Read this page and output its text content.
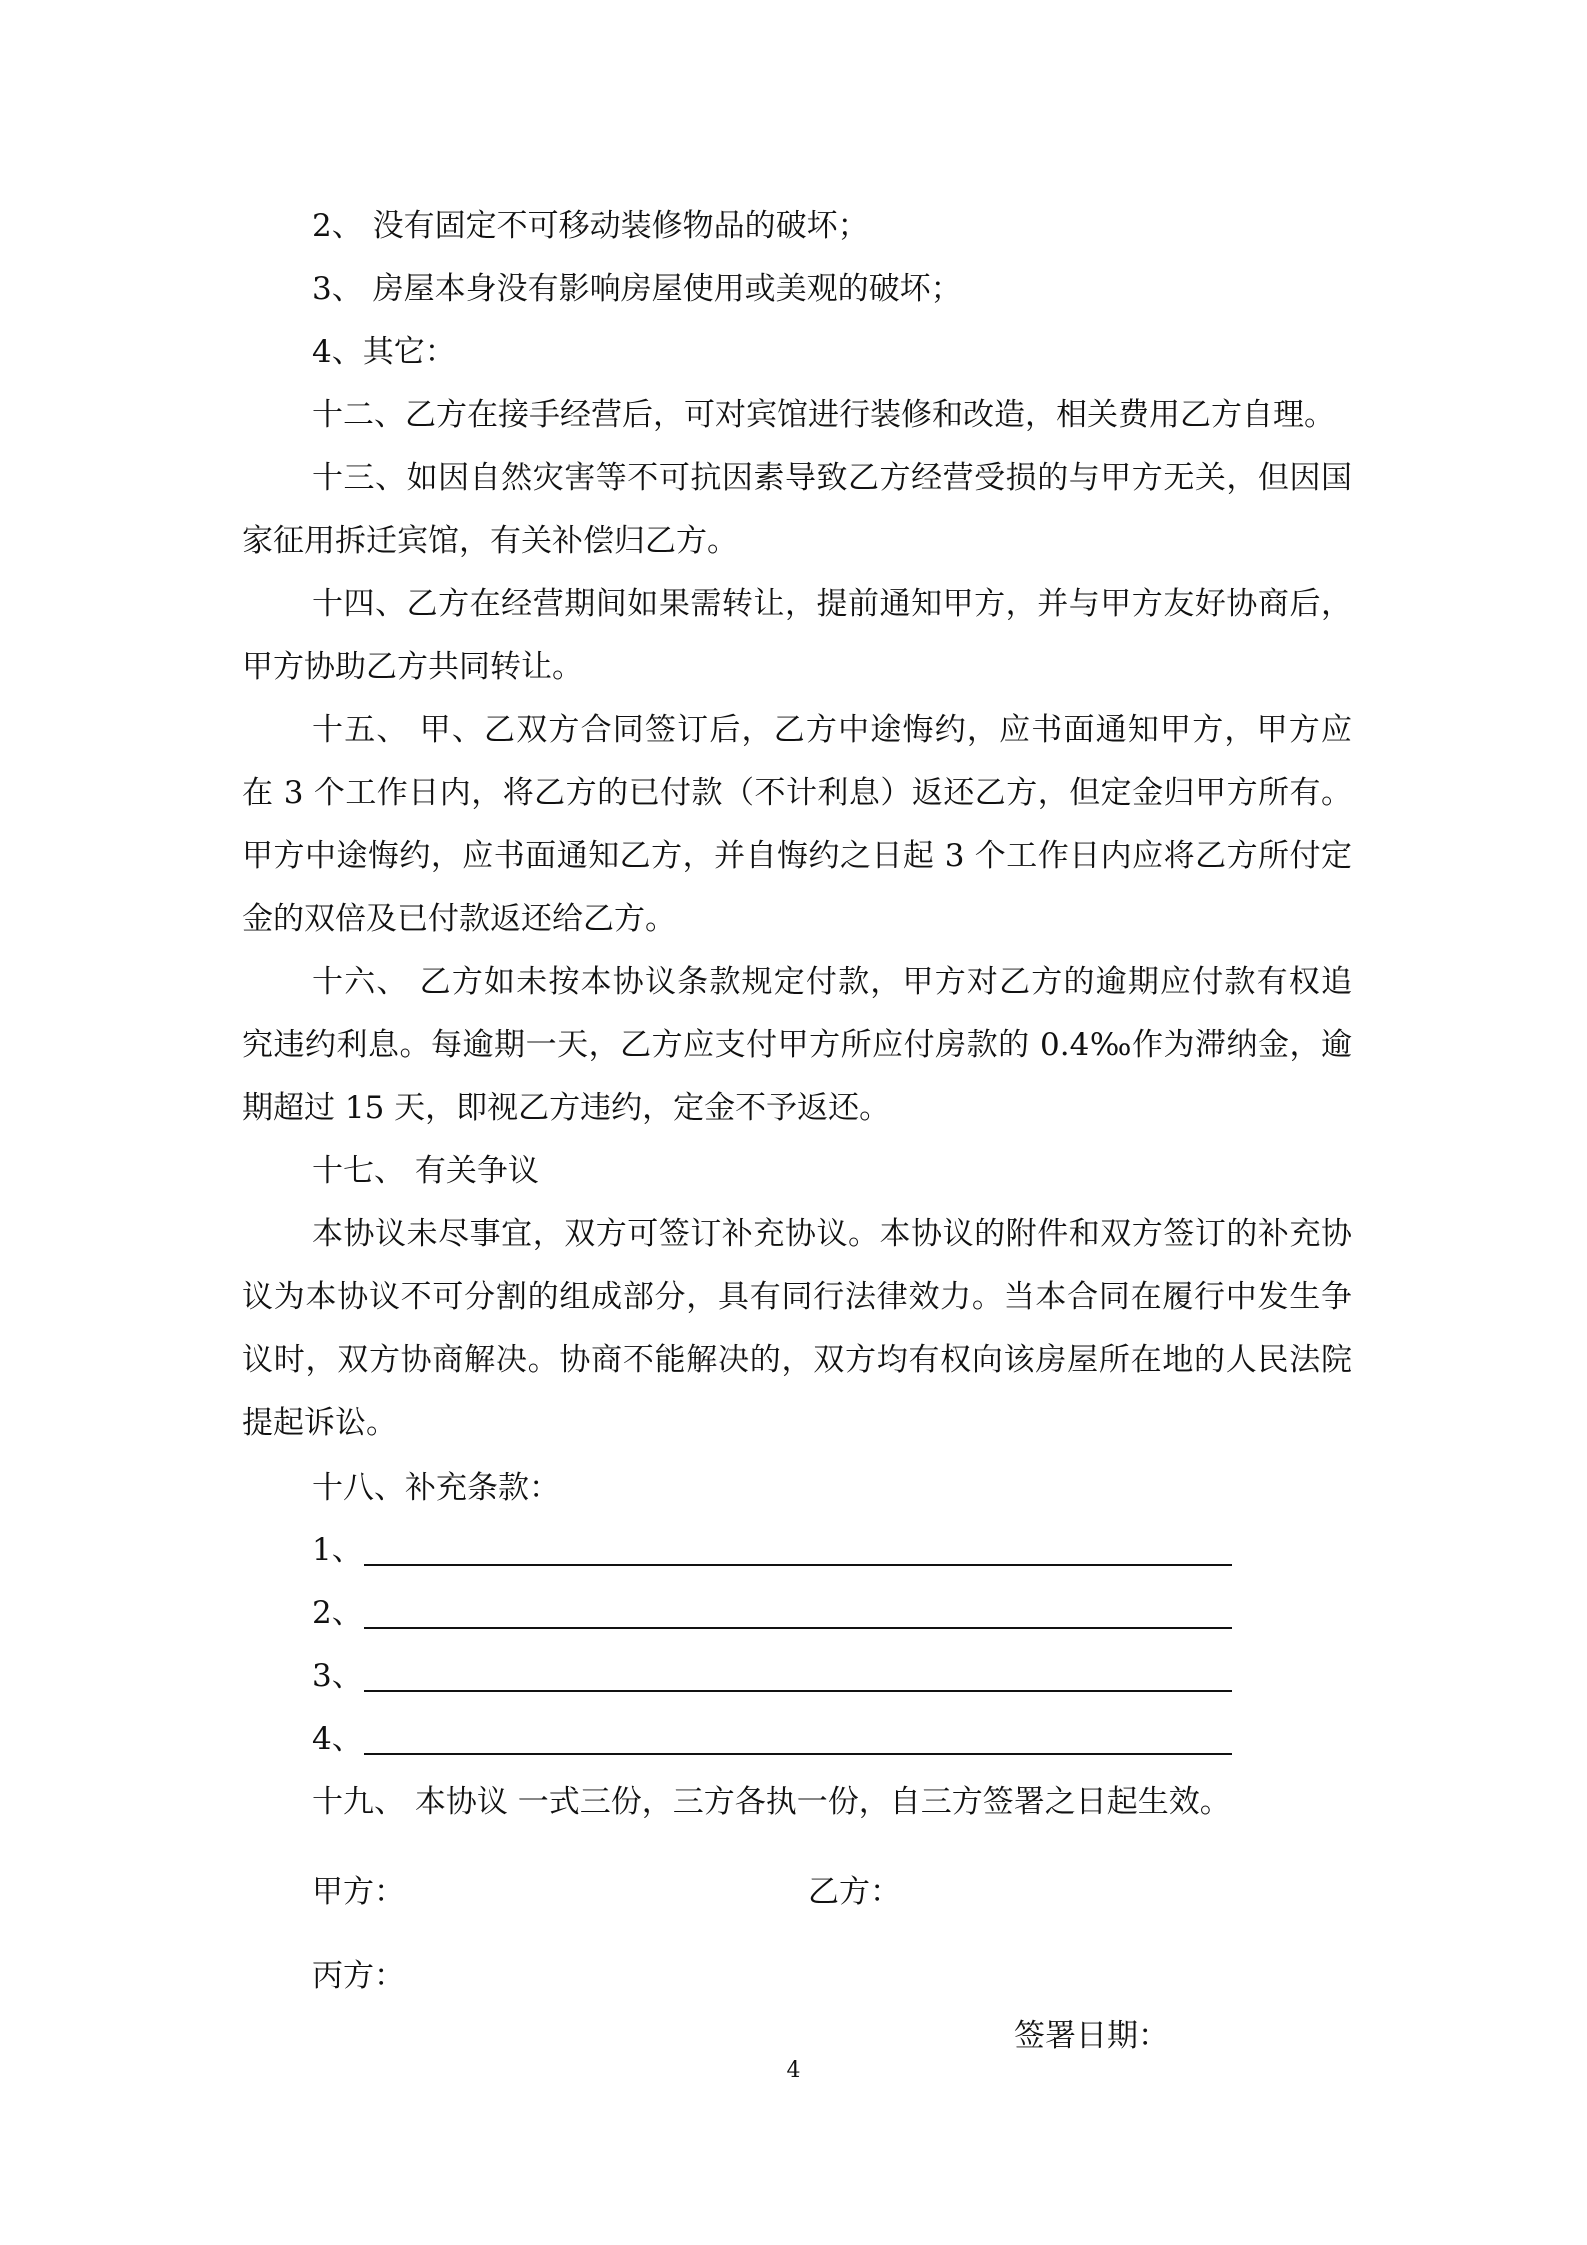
2、 没有固定不可移动装修物品的破坏；
3、 房屋本身没有影响房屋使用或美观的破坏；
4、其它：
十二、乙方在接手经营后，可对宾馆进行装修和改造，相关费用乙方自理。
十三、如因自然灾害等不可抗因素导致乙方经营受损的与甲方无关，但因国
家征用拆迁宾馆，有关补偿归乙方。
十四、乙方在经营期间如果需转让，提前通知甲方，并与甲方友好协商后，
甲方协助乙方共同转让。
十五、 甲、乙双方合同签订后，乙方中途悔约，应书面通知甲方，甲方应
在 3 个工作日内，将乙方的已付款（不计利息）返还乙方，但定金归甲方所有。
甲方中途悔约，应书面通知乙方，并自悔约之日起 3 个工作日内应将乙方所付定
金的双倍及已付款返还给乙方。
十六、 乙方如未按本协议条款规定付款，甲方对乙方的逾期应付款有权追
究违约利息。每逾期一天，乙方应支付甲方所应付房款的 0.4‰作为滞纳金，逾
期超过 15 天，即视乙方违约，定金不予返还。
十七、 有关争议
本协议未尽事宜，双方可签订补充协议。本协议的附件和双方签订的补充协
议为本协议不可分割的组成部分，具有同行法律效力。当本合同在履行中发生争
议时，双方协商解决。协商不能解决的，双方均有权向该房屋所在地的人民法院
提起诉讼。
十八、补充条款：
1、
2、
3、
4、
十九、 本协议 一式三份，三方各执一份，自三方签署之日起生效。
甲方：	乙方：
丙方：
签署日期：
4
